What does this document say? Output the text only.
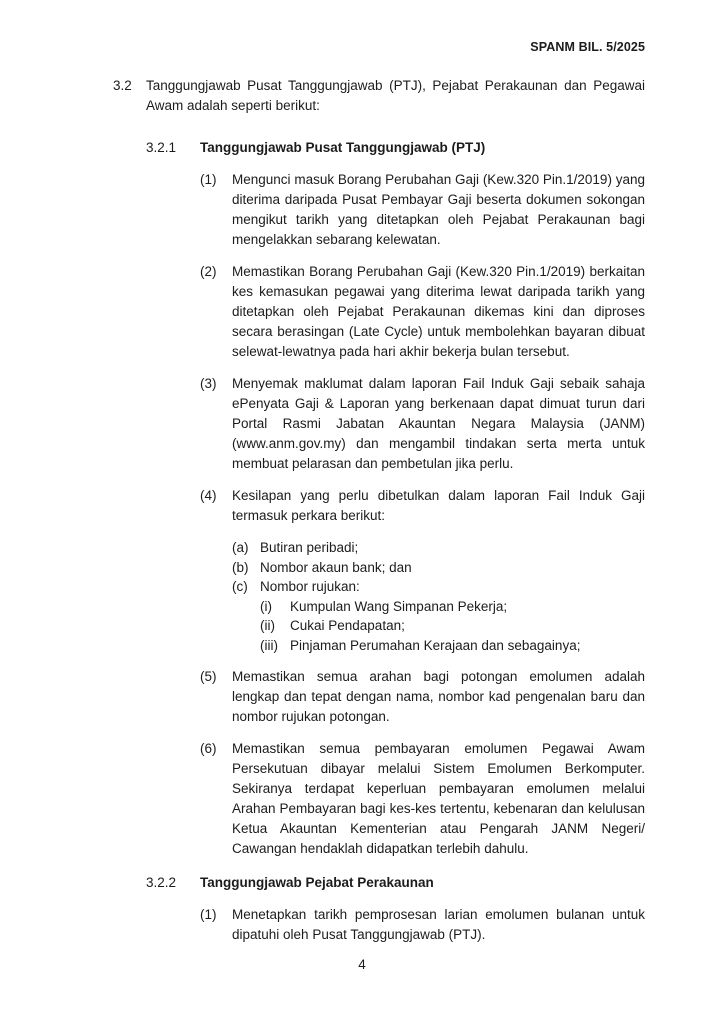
SPANM BIL. 5/2025
3.2	Tanggungjawab Pusat Tanggungjawab (PTJ), Pejabat Perakaunan dan Pegawai Awam adalah seperti berikut:
3.2.1	Tanggungjawab Pusat Tanggungjawab (PTJ)
(1)	Mengunci masuk Borang Perubahan Gaji (Kew.320 Pin.1/2019) yang diterima daripada Pusat Pembayar Gaji beserta dokumen sokongan mengikut tarikh yang ditetapkan oleh Pejabat Perakaunan bagi mengelakkan sebarang kelewatan.
(2)	Memastikan Borang Perubahan Gaji (Kew.320 Pin.1/2019) berkaitan kes kemasukan pegawai yang diterima lewat daripada tarikh yang ditetapkan oleh Pejabat Perakaunan dikemas kini dan diproses secara berasingan (Late Cycle) untuk membolehkan bayaran dibuat selewat-lewatnya pada hari akhir bekerja bulan tersebut.
(3)	Menyemak maklumat dalam laporan Fail Induk Gaji sebaik sahaja ePenyata Gaji & Laporan yang berkenaan dapat dimuat turun dari Portal Rasmi Jabatan Akauntan Negara Malaysia (JANM) (www.anm.gov.my) dan mengambil tindakan serta merta untuk membuat pelarasan dan pembetulan jika perlu.
(4)	Kesilapan yang perlu dibetulkan dalam laporan Fail Induk Gaji termasuk perkara berikut:
(a) Butiran peribadi;
(b) Nombor akaun bank; dan
(c) Nombor rujukan:
(i)	Kumpulan Wang Simpanan Pekerja;
(ii)	Cukai Pendapatan;
(iii) Pinjaman Perumahan Kerajaan dan sebagainya;
(5)	Memastikan semua arahan bagi potongan emolumen adalah lengkap dan tepat dengan nama, nombor kad pengenalan baru dan nombor rujukan potongan.
(6)	Memastikan semua pembayaran emolumen Pegawai Awam Persekutuan dibayar melalui Sistem Emolumen Berkomputer. Sekiranya terdapat keperluan pembayaran emolumen melalui Arahan Pembayaran bagi kes-kes tertentu, kebenaran dan kelulusan Ketua Akauntan Kementerian atau Pengarah JANM Negeri/ Cawangan hendaklah didapatkan terlebih dahulu.
3.2.2	Tanggungjawab Pejabat Perakaunan
(1)	Menetapkan tarikh pemprosesan larian emolumen bulanan untuk dipatuhi oleh Pusat Tanggungjawab (PTJ).
4
